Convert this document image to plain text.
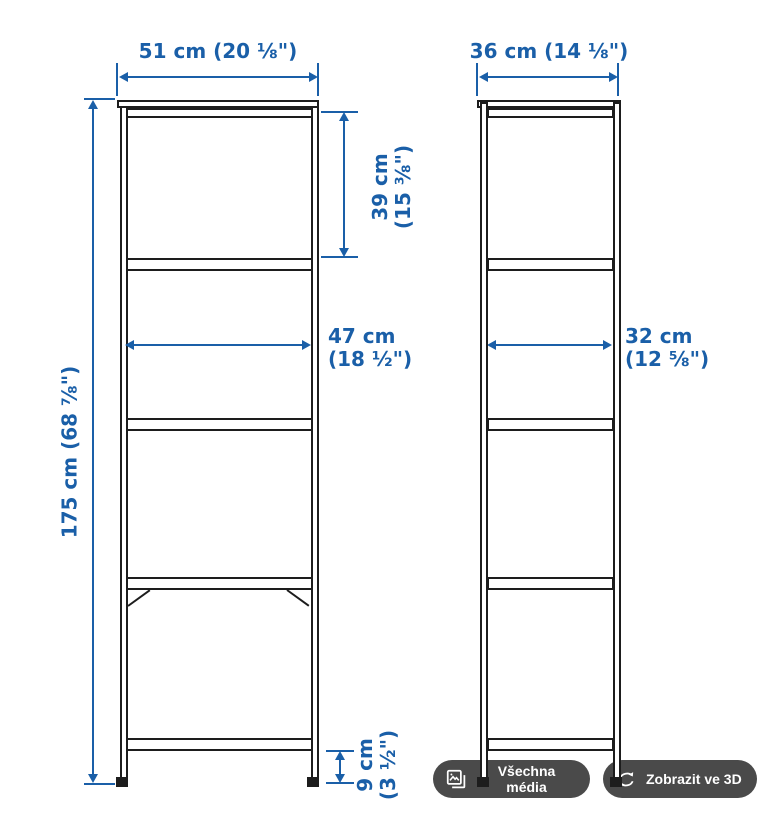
51 cm (20 ⅛")	36 cm (14 ⅛")
175 cm (68 ⅞")
39 cm (15 ⅜")
47 cm
(18 ½")
32 cm
(12 ⅝")
9 cm (3 ½")	Všechna média	Zobrazit ve 3D
